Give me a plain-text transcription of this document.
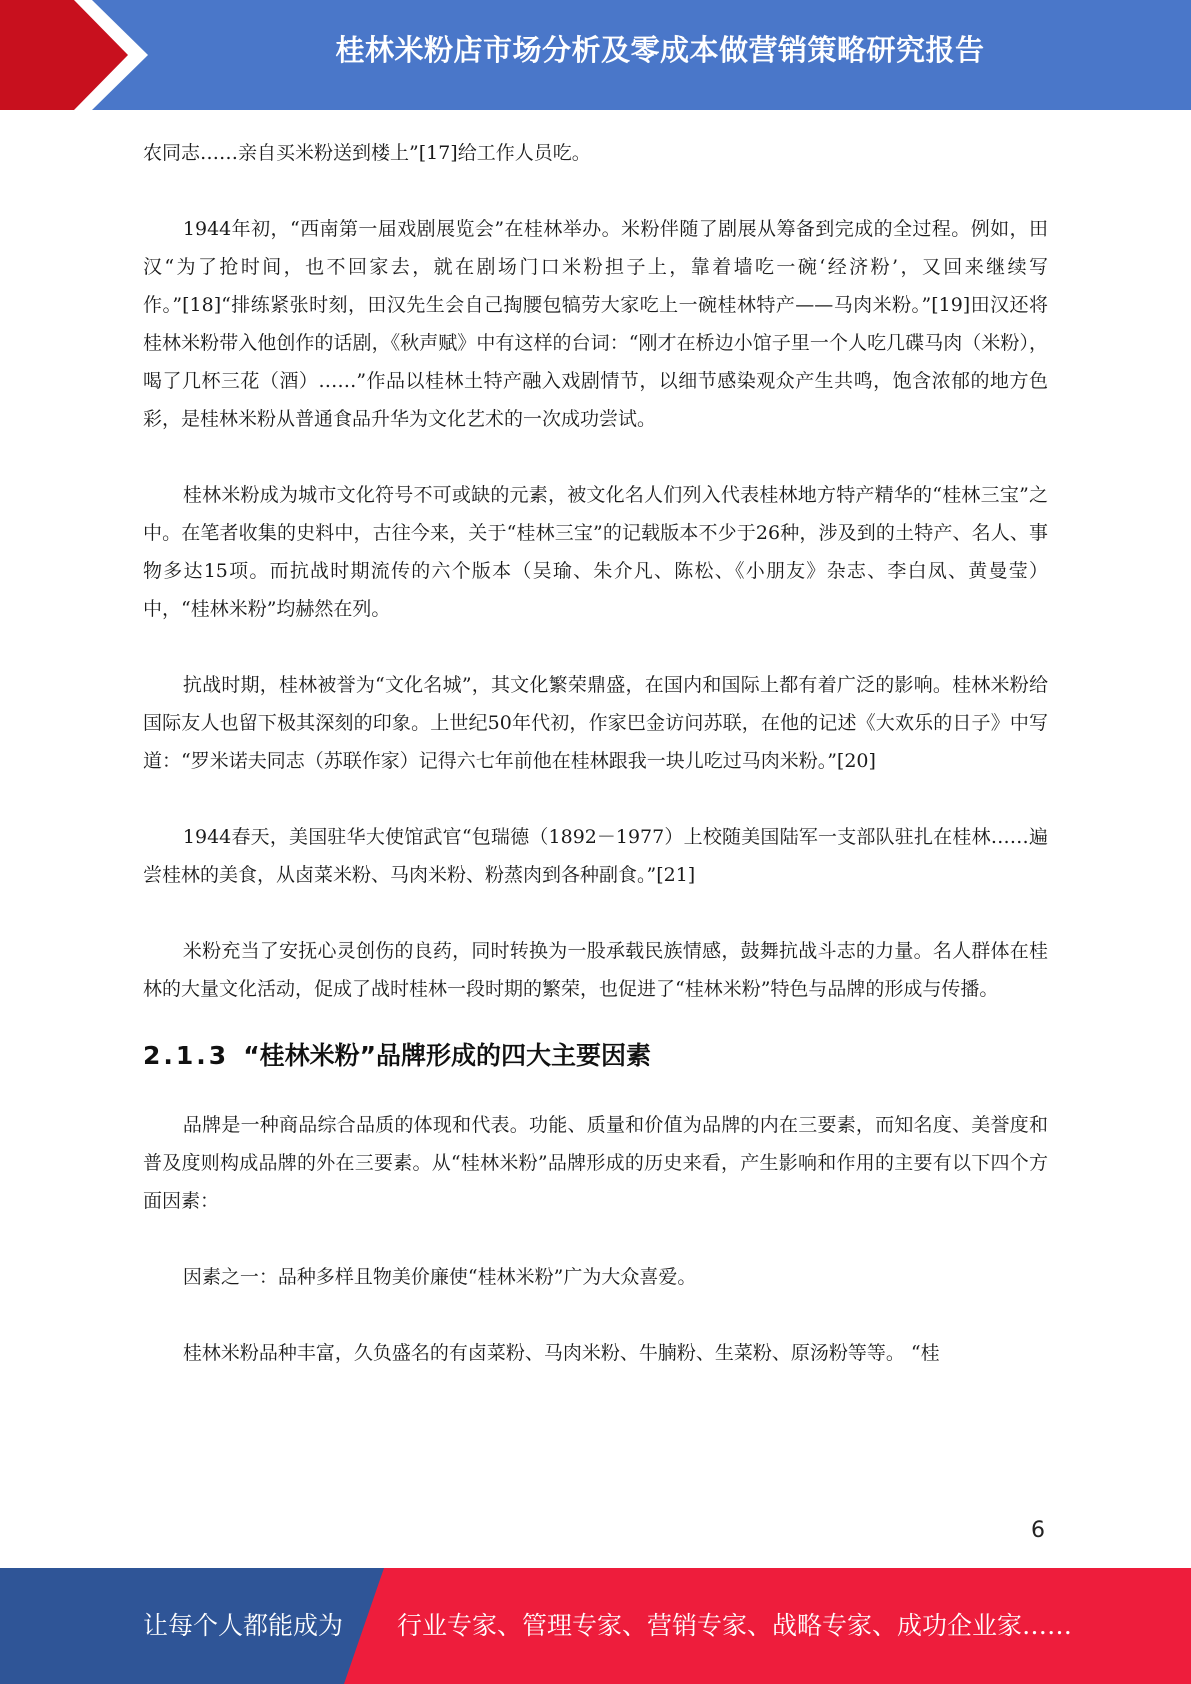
桂林米粉店市场分析及零成本做营销策略研究报告

农同志……亲自买米粉送到楼上”[17]给工作人员吃。

1944年初，“西南第一届戏剧展览会”在桂林举办。米粉伴随了剧展从筹备到完成的全过程。例如，田汉“为了抢时间，也不回家去，就在剧场门口米粉担子上，靠着墙吃一碗‘经济粉’，又回来继续写作。”[18]“排练紧张时刻，田汉先生会自己掏腰包犒劳大家吃上一碗桂林特产——马肉米粉。”[19]田汉还将桂林米粉带入他创作的话剧，《秋声赋》中有这样的台词：“刚才在桥边小馆子里一个人吃几碟马肉（米粉），喝了几杯三花（酒）……”作品以桂林土特产融入戏剧情节，以细节感染观众产生共鸣，饱含浓郁的地方色彩，是桂林米粉从普通食品升华为文化艺术的一次成功尝试。

桂林米粉成为城市文化符号不可或缺的元素，被文化名人们列入代表桂林地方特产精华的“桂林三宝”之中。在笔者收集的史料中，古往今来，关于“桂林三宝”的记载版本不少于26种，涉及到的土特产、名人、事物多达15项。而抗战时期流传的六个版本（吴瑜、朱介凡、陈松、《小朋友》杂志、李白凤、黄曼莹）中，“桂林米粉”均赫然在列。

抗战时期，桂林被誉为“文化名城”，其文化繁荣鼎盛，在国内和国际上都有着广泛的影响。桂林米粉给国际友人也留下极其深刻的印象。上世纪50年代初，作家巴金访问苏联，在他的记述《大欢乐的日子》中写道：“罗米诺夫同志（苏联作家）记得六七年前他在桂林跟我一块儿吃过马肉米粉。”[20]

1944春天，美国驻华大使馆武官“包瑞德（1892－1977）上校随美国陆军一支部队驻扎在桂林……遍尝桂林的美食，从卤菜米粉、马肉米粉、粉蒸肉到各种副食。”[21]

米粉充当了安抚心灵创伤的良药，同时转换为一股承载民族情感，鼓舞抗战斗志的力量。名人群体在桂林的大量文化活动，促成了战时桂林一段时期的繁荣，也促进了“桂林米粉”特色与品牌的形成与传播。

2.1.3 “桂林米粉”品牌形成的四大主要因素

品牌是一种商品综合品质的体现和代表。功能、质量和价值为品牌的内在三要素，而知名度、美誉度和普及度则构成品牌的外在三要素。从“桂林米粉”品牌形成的历史来看，产生影响和作用的主要有以下四个方面因素：

因素之一：品种多样且物美价廉使“桂林米粉”广为大众喜爱。

桂林米粉品种丰富，久负盛名的有卤菜粉、马肉米粉、牛腩粉、生菜粉、原汤粉等等。 “桂

6
让每个人都能成为 行业专家、管理专家、营销专家、战略专家、成功企业家……
